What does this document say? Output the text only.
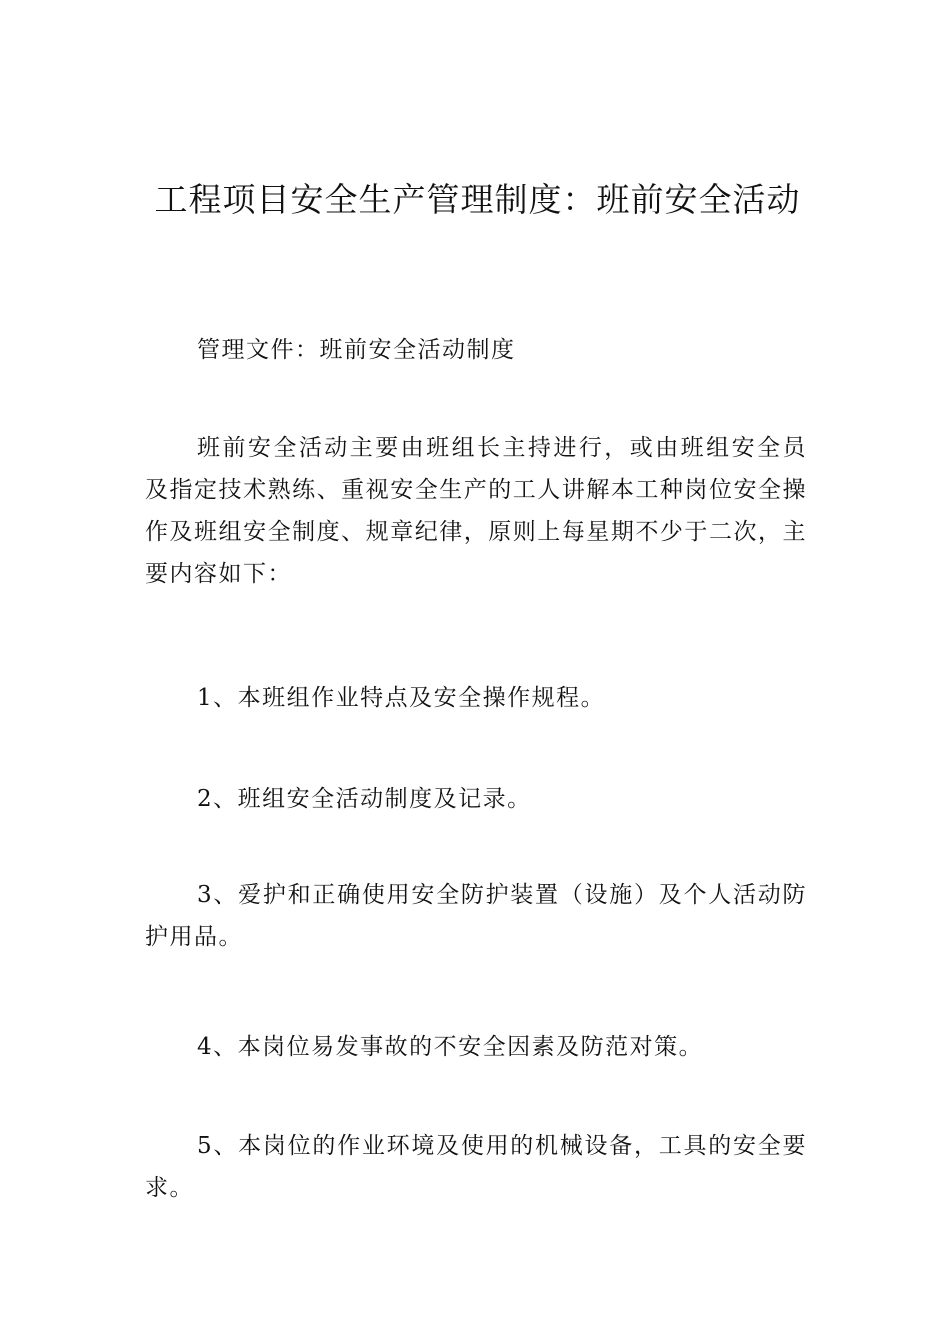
工程项目安全生产管理制度：班前安全活动

管理文件：班前安全活动制度

班前安全活动主要由班组长主持进行，或由班组安全员及指定技术熟练、重视安全生产的工人讲解本工种岗位安全操作及班组安全制度、规章纪律，原则上每星期不少于二次，主要内容如下：

1、本班组作业特点及安全操作规程。

2、班组安全活动制度及记录。

3、爱护和正确使用安全防护装置（设施）及个人活动防护用品。

4、本岗位易发事故的不安全因素及防范对策。

5、本岗位的作业环境及使用的机械设备，工具的安全要求。
